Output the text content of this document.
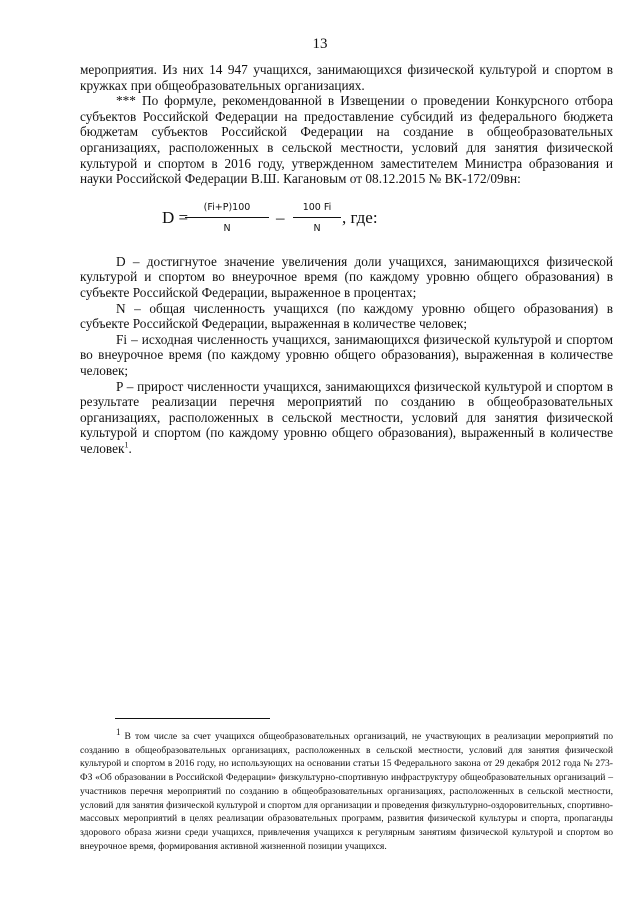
13

мероприятия. Из них 14 947 учащихся, занимающихся физической культурой и спортом в кружках при общеобразовательных организациях.

*** По формуле, рекомендованной в Извещении о проведении Конкурсного отбора субъектов Российской Федерации на предоставление субсидий из федерального бюджета бюджетам субъектов Российской Федерации на создание в общеобразовательных организациях, расположенных в сельской местности, условий для занятия физической культурой и спортом в 2016 году, утвержденном заместителем Министра образования и науки Российской Федерации В.Ш. Кагановым от 08.12.2015 № ВК-172/09вн:

D =
$\frac{(Fi+P)100}{N} - \frac{100 Fi}{N}$ , где:

D – достигнутое значение увеличения доли учащихся, занимающихся физической культурой и спортом во внеурочное время (по каждому уровню общего образования) в субъекте Российской Федерации, выраженное в процентах;

N – общая численность учащихся (по каждому уровню общего образования) в субъекте Российской Федерации, выраженная в количестве человек;

Fi – исходная численность учащихся, занимающихся физической культурой и спортом во внеурочное время (по каждому уровню общего образования), выраженная в количестве человек;

P – прирост численности учащихся, занимающихся физической культурой и спортом в результате реализации перечня мероприятий по созданию в общеобразовательных организациях, расположенных в сельской местности, условий для занятия физической культурой и спортом (по каждому уровню общего образования), выраженный в количестве человек$^1$.

1 В том числе за счет учащихся общеобразовательных организаций, не участвующих в реализации мероприятий по созданию в общеобразовательных организациях, расположенных в сельской местности, условий для занятия физической культурой и спортом в 2016 году, но использующих на основании статьи 15 Федерального закона от 29 декабря 2012 года № 273-ФЗ «Об образовании в Российской Федерации» физкультурно-спортивную инфраструктуру общеобразовательных организаций – участников перечня мероприятий по созданию в общеобразовательных организациях, расположенных в сельской местности, условий для занятия физической культурой и спортом для организации и проведения физкультурно-оздоровительных, спортивно-массовых мероприятий в целях реализации образовательных программ, развития физической культуры и спорта, пропаганды здорового образа жизни среди учащихся, привлечения учащихся к регулярным занятиям физической культурой и спортом во внеурочное время, формирования активной жизненной позиции учащихся.
